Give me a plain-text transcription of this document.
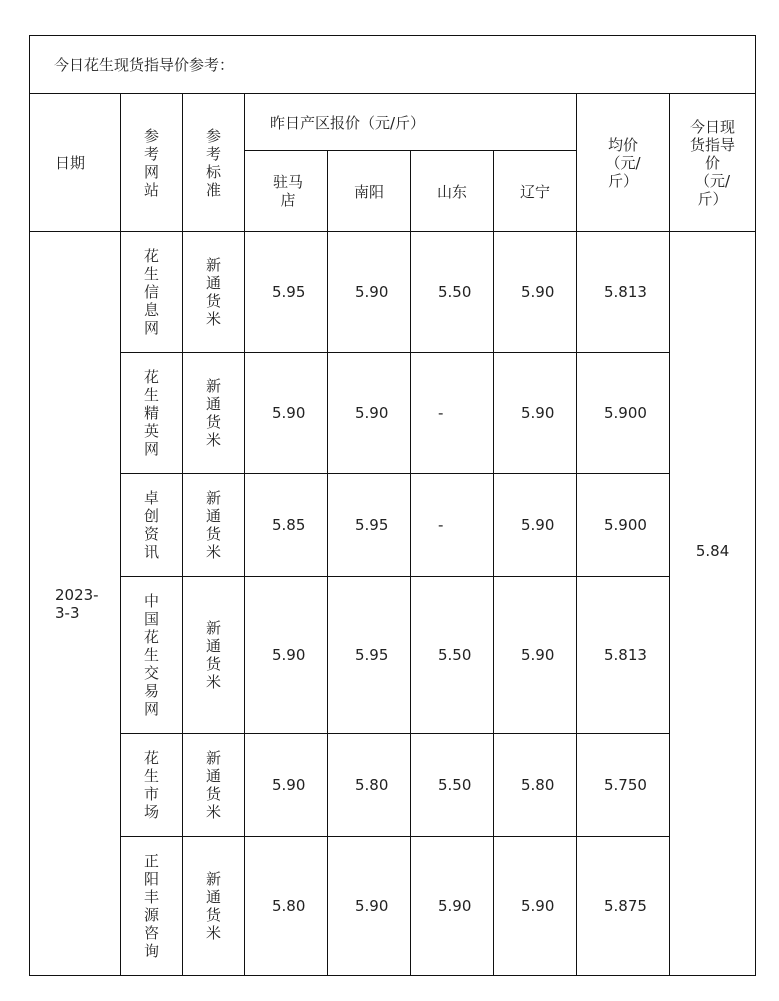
今日花生现货指导价参考：								
日期	参考网站	参考标准	昨日产区报价（元/斤）				均价（元/斤）	今日现货指导价（元/斤）
			驻马店	南阳	山东	辽宁		
2023-3-3	花生信息网	新通货米	5.95	5.90	5.50	5.90	5.813	5.84
	花生精英网	新通货米	5.90	5.90	-	5.90	5.900	
	卓创资讯	新通货米	5.85	5.95	-	5.90	5.900	
	中国花生交易网	新通货米	5.90	5.95	5.50	5.90	5.813	
	花生市场	新通货米	5.90	5.80	5.50	5.80	5.750	
	正阳丰源咨询	新通货米	5.80	5.90	5.90	5.90	5.875	
